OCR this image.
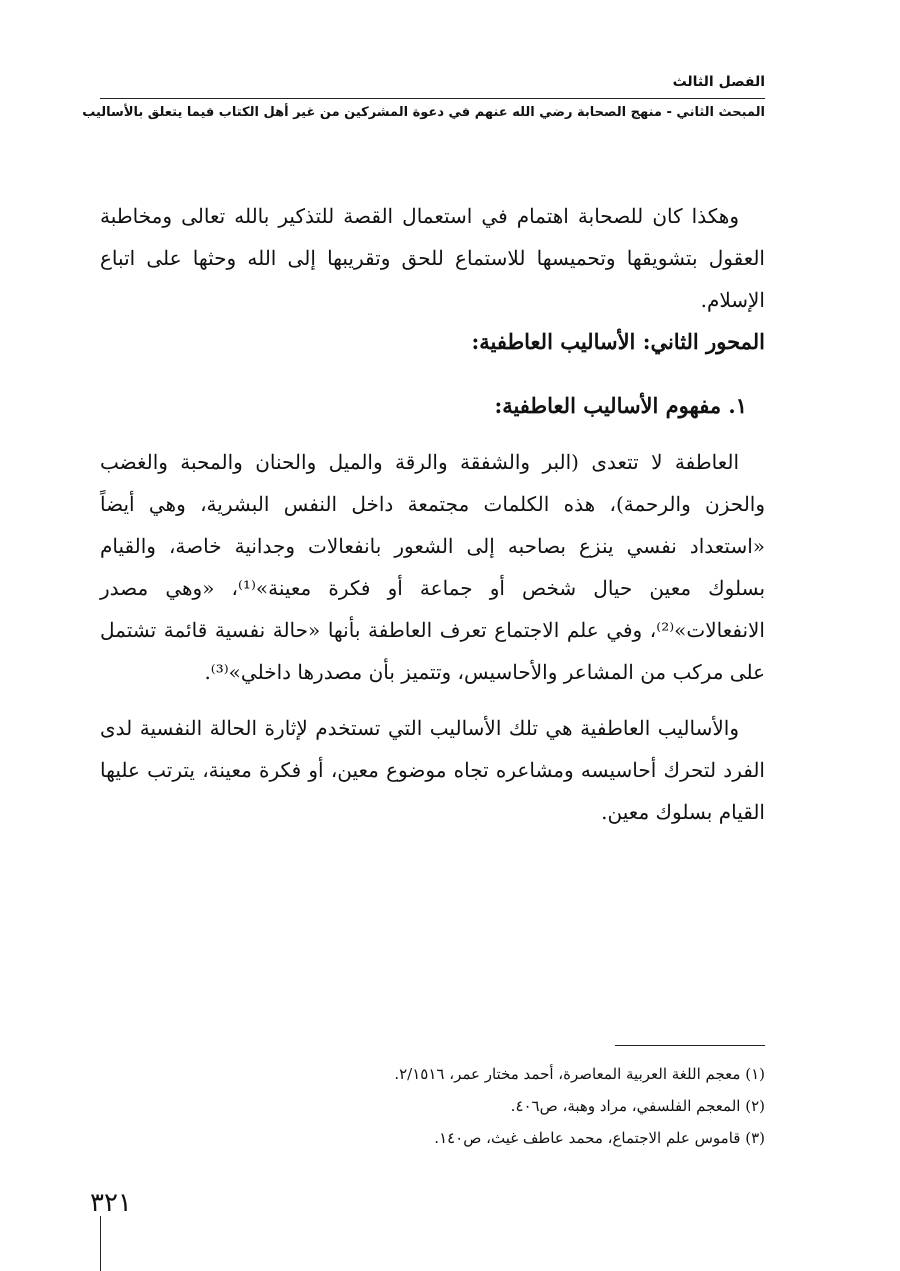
الفصل الثالث
المبحث الثاني - منهج الصحابة رضي الله عنهم في دعوة المشركين من غير أهل الكتاب فيما يتعلق بالأساليب

وهكذا كان للصحابة اهتمام في استعمال القصة للتذكير بالله تعالى ومخاطبة العقول بتشويقها وتحميسها للاستماع للحق وتقريبها إلى الله وحثها على اتباع الإسلام.

المحور الثاني: الأساليب العاطفية:

١. مفهوم الأساليب العاطفية:

العاطفة لا تتعدى (البر والشفقة والرقة والميل والحنان والمحبة والغضب والحزن والرحمة)، هذه الكلمات مجتمعة داخل النفس البشرية، وهي أيضاً «استعداد نفسي ينزع بصاحبه إلى الشعور بانفعالات وجدانية خاصة، والقيام بسلوك معين حيال شخص أو جماعة أو فكرة معينة»⁽¹⁾، «وهي مصدر الانفعالات»⁽²⁾، وفي علم الاجتماع تعرف العاطفة بأنها «حالة نفسية قائمة تشتمل على مركب من المشاعر والأحاسيس، وتتميز بأن مصدرها داخلي»⁽³⁾.

والأساليب العاطفية هي تلك الأساليب التي تستخدم لإثارة الحالة النفسية لدى الفرد لتحرك أحاسيسه ومشاعره تجاه موضوع معين، أو فكرة معينة، يترتب عليها القيام بسلوك معين.

(١) معجم اللغة العربية المعاصرة، أحمد مختار عمر، ٢/١٥١٦.

(٢) المعجم الفلسفي، مراد وهبة، ص٤٠٦.

(٣) قاموس علم الاجتماع، محمد عاطف غيث، ص١٤٠.

٣٢١
